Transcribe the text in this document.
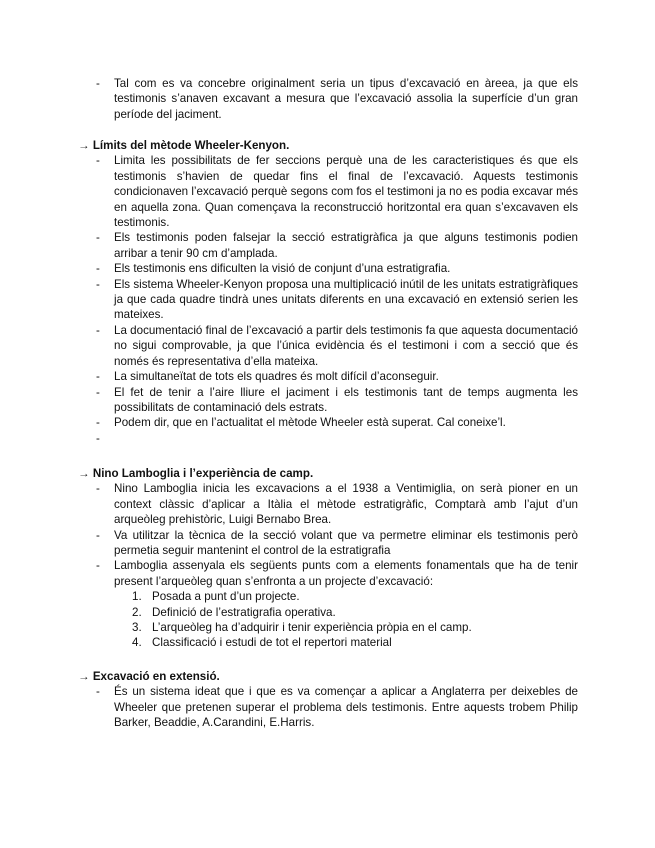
- Tal com es va concebre originalment seria un tipus d’excavació en àreea, ja que els testimonis s’anaven excavant a mesura que l’excavació assolia la superfície d’un gran període del jaciment.

→ Límits del mètode Wheeler-Kenyon.

- Limita les possibilitats de fer seccions perquè una de les caracteristiques és que els testimonis s’havien de quedar fins el final de l’excavació. Aquests testimonis condicionaven l’excavació perquè segons com fos el testimoni ja no es podia excavar més en aquella zona. Quan començava la reconstrucció horitzontal era quan s’excavaven els testimonis.
- Els testimonis poden falsejar la secció estratigràfica ja que alguns testimonis podien arribar a tenir 90 cm d’amplada.
- Els testimonis ens dificulten la visió de conjunt d’una estratigrafia.
- Els sistema Wheeler-Kenyon proposa una multiplicació inútil de les unitats estratigràfiques ja que cada quadre tindrà unes unitats diferents en una excavació en extensió serien les mateixes.
- La documentació final de l’excavació a partir dels testimonis fa que aquesta documentació no sigui comprovable, ja que l’única evidència és el testimoni i com a secció que és només és representativa d’ella mateixa.
- La simultaneïtat de tots els quadres és molt difícil d’aconseguir.
- El fet de tenir a l’aire lliure el jaciment i els testimonis tant de temps augmenta les possibilitats de contaminació dels estrats.
- Podem dir, que en l’actualitat el mètode Wheeler està superat. Cal coneixe’l.
-

→ Nino Lamboglia i l’experiència de camp.

- Nino Lamboglia inicia les excavacions a el 1938 a Ventimiglia, on serà pioner en un context clàssic d’aplicar a Itàlia el mètode estratigràfic, Comptarà amb l’ajut d’un arqueòleg prehistòric, Luigi Bernabo Brea.
- Va utilitzar la tècnica de la secció volant que va permetre eliminar els testimonis però permetia seguir mantenint el control de la estratigrafia
- Lamboglia assenyala els següents punts com a elements fonamentals que ha de tenir present l’arqueòleg quan s’enfronta a un projecte d’excavació:
1. Posada a punt d’un projecte.
2. Definició de l’estratigrafia operativa.
3. L’arqueòleg ha d’adquirir i tenir experiència pròpia en el camp.
4. Classificació i estudi de tot el repertori material

→ Excavació en extensió.

- És un sistema ideat que i que es va començar a aplicar a Anglaterra per deixebles de Wheeler que pretenen superar el problema dels testimonis. Entre aquests trobem Philip Barker, Beaddie, A.Carandini, E.Harris.
